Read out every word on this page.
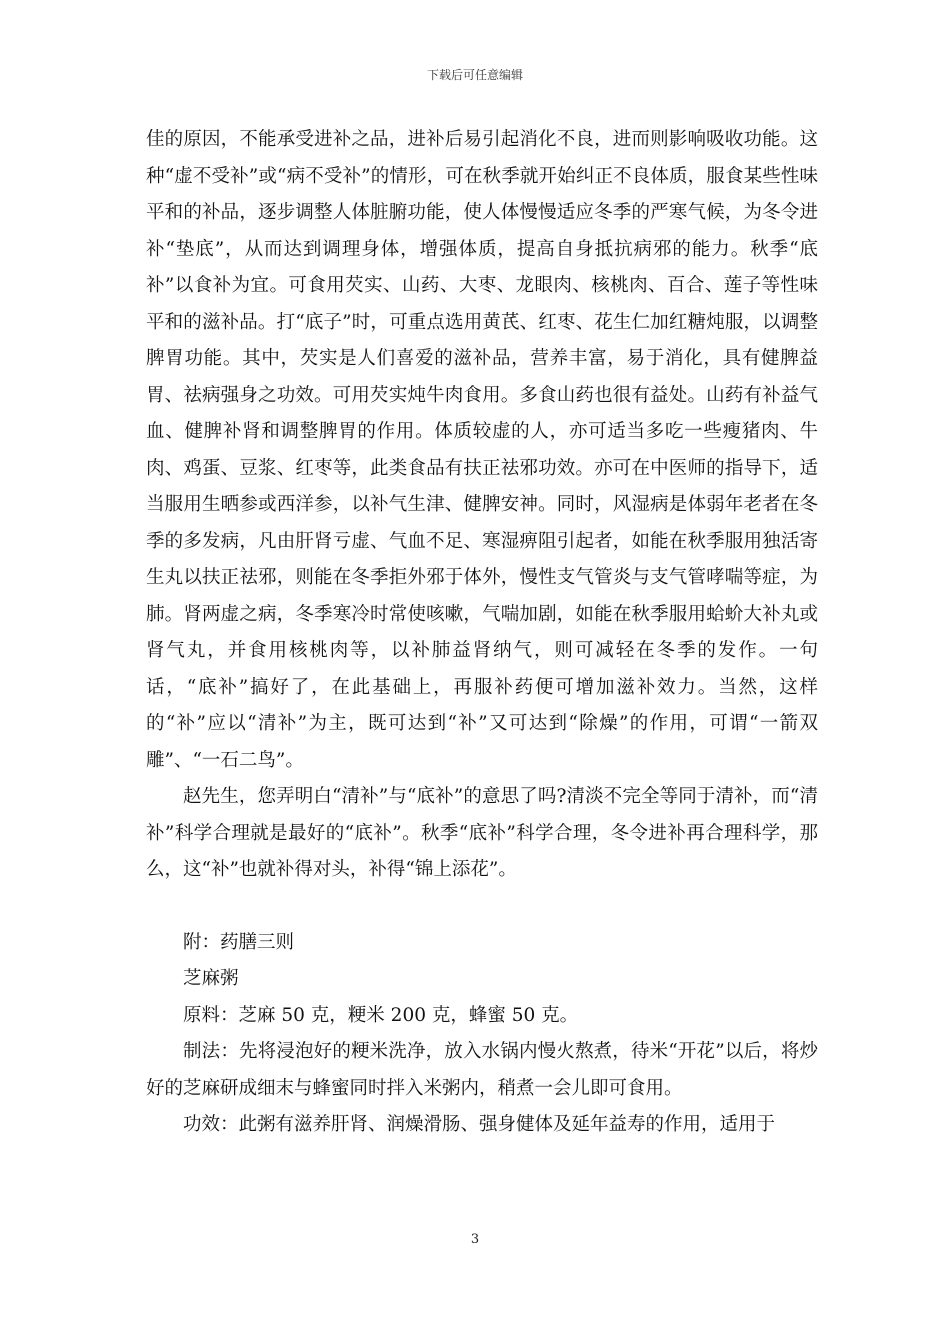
下载后可任意编辑

佳的原因，不能承受进补之品，进补后易引起消化不良，进而则影响吸收功能。这种“虚不受补”或“病不受补”的情形，可在秋季就开始纠正不良体质，服食某些性味平和的补品，逐步调整人体脏腑功能，使人体慢慢适应冬季的严寒气候，为冬令进补“垫底”，从而达到调理身体，增强体质，提高自身抵抗病邪的能力。秋季“底补”以食补为宜。可食用芡实、山药、大枣、龙眼肉、核桃肉、百合、莲子等性味平和的滋补品。打“底子”时，可重点选用黄芪、红枣、花生仁加红糖炖服，以调整脾胃功能。其中，芡实是人们喜爱的滋补品，营养丰富，易于消化，具有健脾益胃、祛病强身之功效。可用芡实炖牛肉食用。多食山药也很有益处。山药有补益气血、健脾补肾和调整脾胃的作用。体质较虚的人，亦可适当多吃一些瘦猪肉、牛肉、鸡蛋、豆浆、红枣等，此类食品有扶正祛邪功效。亦可在中医师的指导下，适当服用生晒参或西洋参，以补气生津、健脾安神。同时，风湿病是体弱年老者在冬季的多发病，凡由肝肾亏虚、气血不足、寒湿痹阻引起者，如能在秋季服用独活寄生丸以扶正祛邪，则能在冬季拒外邪于体外，慢性支气管炎与支气管哮喘等症，为肺。肾两虚之病，冬季寒冷时常使咳嗽，气喘加剧，如能在秋季服用蛤蚧大补丸或肾气丸，并食用核桃肉等，以补肺益肾纳气，则可减轻在冬季的发作。一句话，“底补”搞好了，在此基础上，再服补药便可增加滋补效力。当然，这样的“补”应以“清补”为主，既可达到“补”又可达到“除燥”的作用，可谓“一箭双雕”、“一石二鸟”。

赵先生，您弄明白“清补”与“底补”的意思了吗?清淡不完全等同于清补，而“清补”科学合理就是最好的“底补”。秋季“底补”科学合理，冬令进补再合理科学，那么，这“补”也就补得对头，补得“锦上添花”。

附：药膳三则

芝麻粥

原料：芝麻 50 克，粳米 200 克，蜂蜜 50 克。

制法：先将浸泡好的粳米洗净，放入水锅内慢火熬煮，待米“开花”以后，将炒好的芝麻研成细末与蜂蜜同时拌入米粥内，稍煮一会儿即可食用。

功效：此粥有滋养肝肾、润燥滑肠、强身健体及延年益寿的作用，适用于

3
